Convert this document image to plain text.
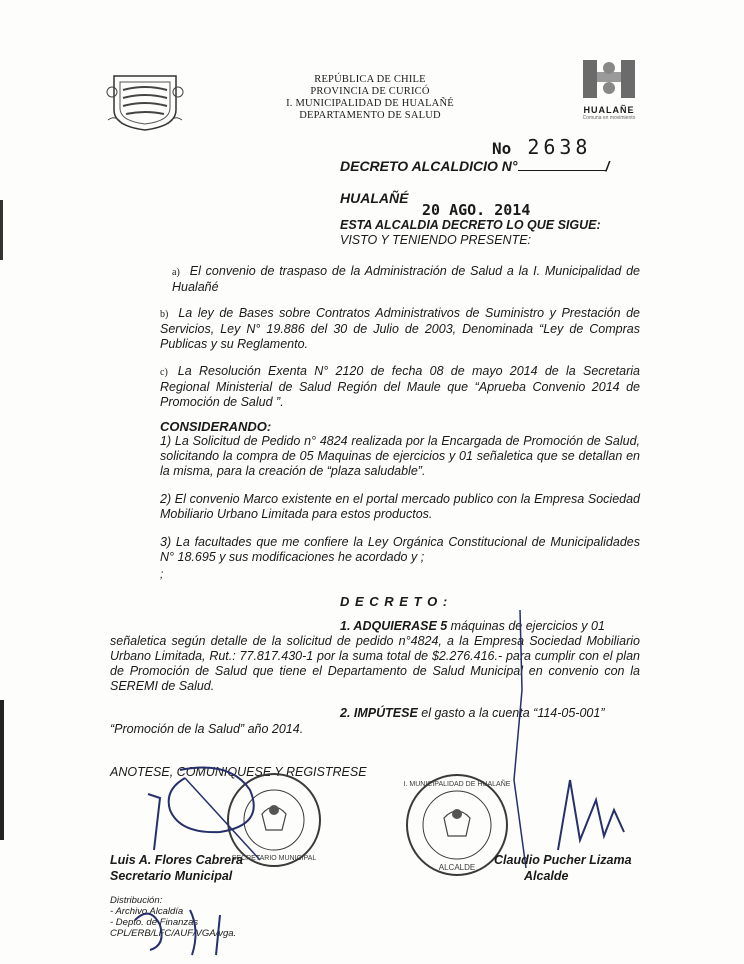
REPÚBLICA DE CHILE
PROVINCIA DE CURICÓ
I. MUNICIPALIDAD DE HUALAÑÉ
DEPARTAMENTO DE SALUD	HUALAÑE
Comuna en movimiento
No 2638
DECRETO ALCALDICIO N°	/
HUALAÑÉ
20 AGO. 2014
ESTA ALCALDIA DECRETO LO QUE SIGUE:
VISTO Y TENIENDO PRESENTE:
a) El convenio de traspaso de la Administración de Salud a la I. Municipalidad de Hualañé
b) La ley de Bases sobre Contratos Administrativos de Suministro y Prestación de Servicios, Ley N° 19.886 del 30 de Julio de 2003, Denominada “Ley de Compras Publicas y su Reglamento.
c) La Resolución Exenta N° 2120 de fecha 08 de mayo 2014 de la Secretaria Regional Ministerial de Salud Región del Maule que “Aprueba Convenio 2014 de Promoción de Salud ”.
CONSIDERANDO:
1) La Solicitud de Pedido n° 4824 realizada por la Encargada de Promoción de Salud, solicitando la compra de 05 Maquinas de ejercicios y 01 señaletica que se detallan en la misma, para la creación de “plaza saludable”.
2) El convenio Marco existente en el portal mercado publico con la Empresa Sociedad Mobiliario Urbano Limitada para estos productos.
3) La facultades que me confiere la Ley Orgánica Constitucional de Municipalidades N° 18.695 y sus modificaciones he acordado y ;
;
D E C R E T O :
1. ADQUIERASE 5 máquinas de ejercicios y 01
señaletica según detalle de la solicitud de pedido n°4824, a la Empresa Sociedad Mobiliario Urbano Limitada, Rut.: 77.817.430-1 por la suma total de $2.276.416.- para cumplir con el plan de Promoción de Salud que tiene el Departamento de Salud Municipal en convenio con la SEREMI de Salud.
2. IMPÚTESE el gasto a la cuenta “114-05-001”
“Promoción de la Salud” año 2014.
ANOTESE, COMUNIQUESE Y REGISTRESE
SECRETARIO MUNICIPAL
I. MUNICIPALIDAD DE HUALAÑE
ALCALDE
Luis A. Flores Cabrera
Secretario Municipal
Claudio Pucher Lizama
Alcalde
Distribución:
- Archivo Alcaldía
- Depto. de Finanzas
CPL/ERB/LFC/AUF/VGA/vga.
